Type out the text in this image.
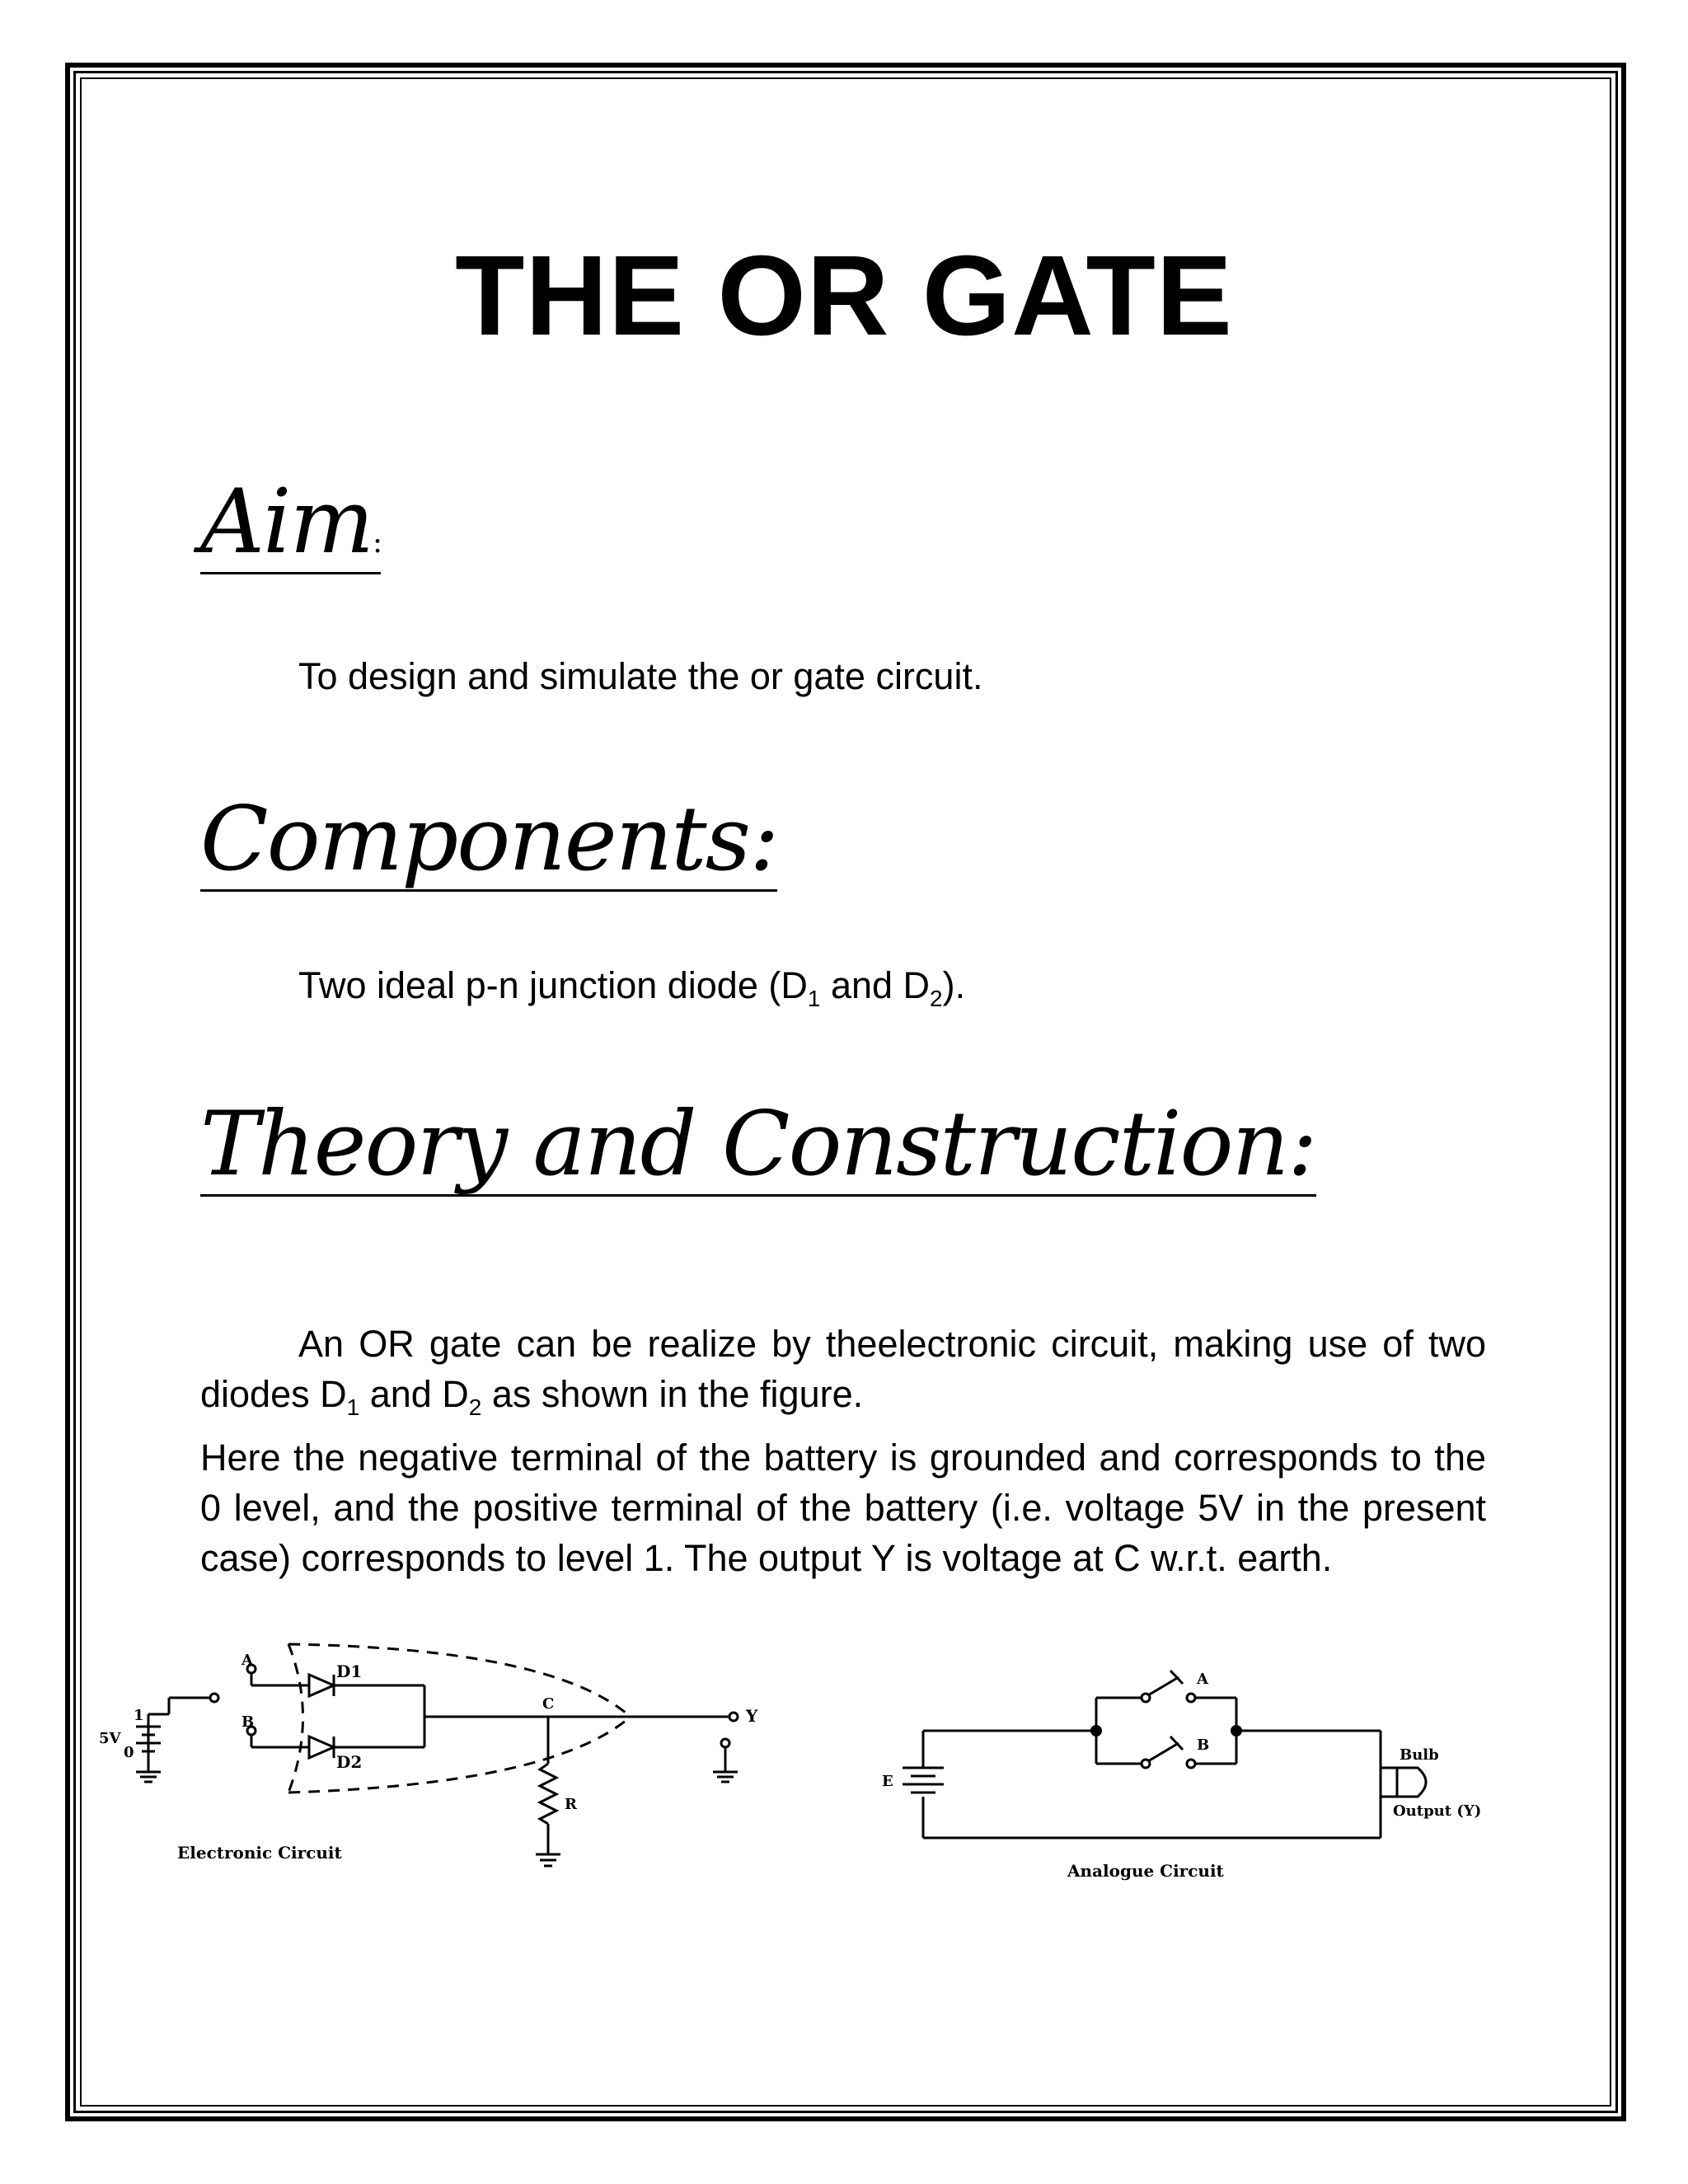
THE OR GATE
Aim:
To design and simulate the or gate circuit.
Components:
Two ideal p-n junction diode ($D_1$ and $D_2$).
Theory and Construction:

An OR gate can be realize by theelectronic circuit, making use of two diodes $D_1$ and $D_2$ as shown in the figure.

Here the negative terminal of the battery is grounded and corresponds to the 0 level, and the positive terminal of the battery (i.e. voltage 5V in the present case) corresponds to level 1. The output Y is voltage at C w.r.t. earth.

D1
D2
A
B
C
Y
R
5V
1
0
Electronic Circuit
E
A
B
Bulb
Output (Y)
Analogue Circuit
